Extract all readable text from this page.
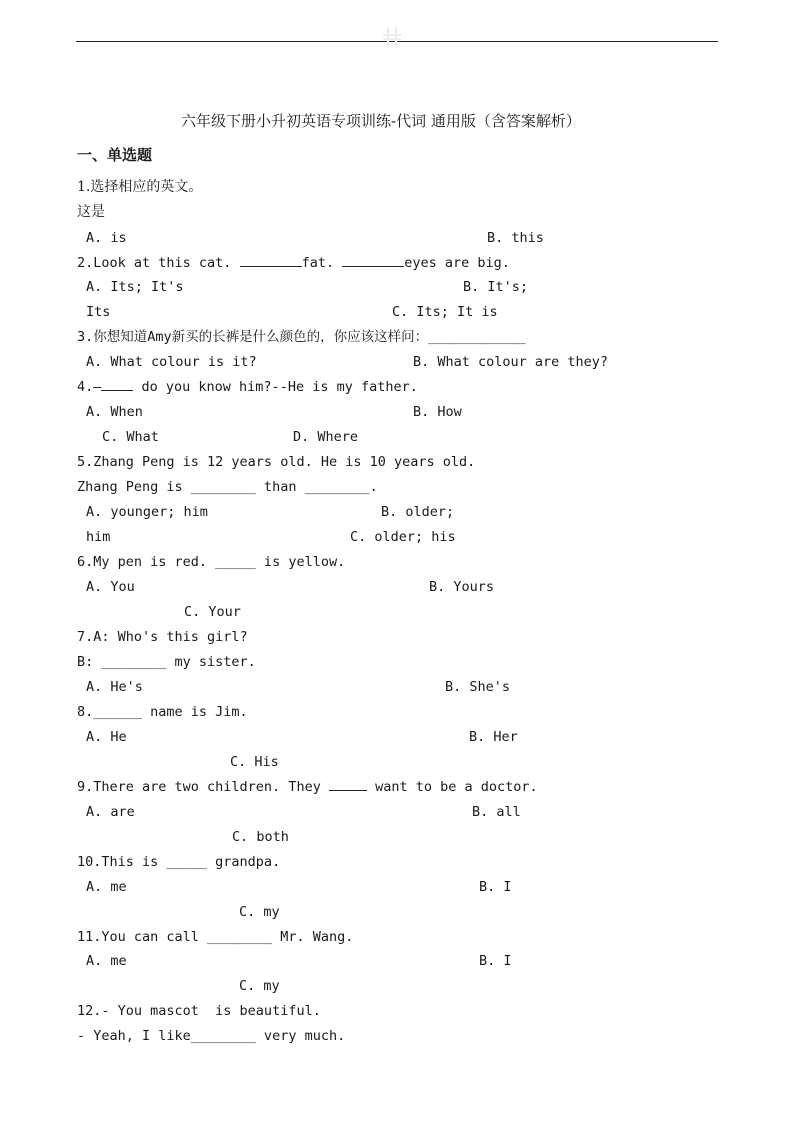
ǂǂ
六年级下册小升初英语专项训练-代词 通用版（含答案解析）
一、单选题
1.选择相应的英文。
这是
A. is	B. this
2.Look at this cat.	fat.	eyes are big.
A. Its; It's	B. It's;
Its	C. Its; It is
3.你想知道Amy新买的长裤是什么颜色的，你应该这样问：____________
A. What colour is it?	B. What colour are they?
4.— do you know him?--He is my father.
A. When	B. How
C. What	D. Where
5.Zhang Peng is 12 years old. He is 10 years old.
Zhang Peng is ________ than ________.
A. younger; him	B. older;
him	C. older; his
6.My pen is red. _____ is yellow.
A. You	B. Yours
C. Your
7.A: Who's this girl?
B: ________ my sister.
A. He's	B. She's
8.______ name is Jim.
A. He	B. Her
C. His
9.There are two children. They	want to be a doctor.
A. are	B. all
C. both
10.This is _____ grandpa.
A. me	B. I
C. my
11.You can call ________ Mr. Wang.
A. me	B. I
C. my
12.- You mascot  is beautiful.
- Yeah, I like________ very much.
